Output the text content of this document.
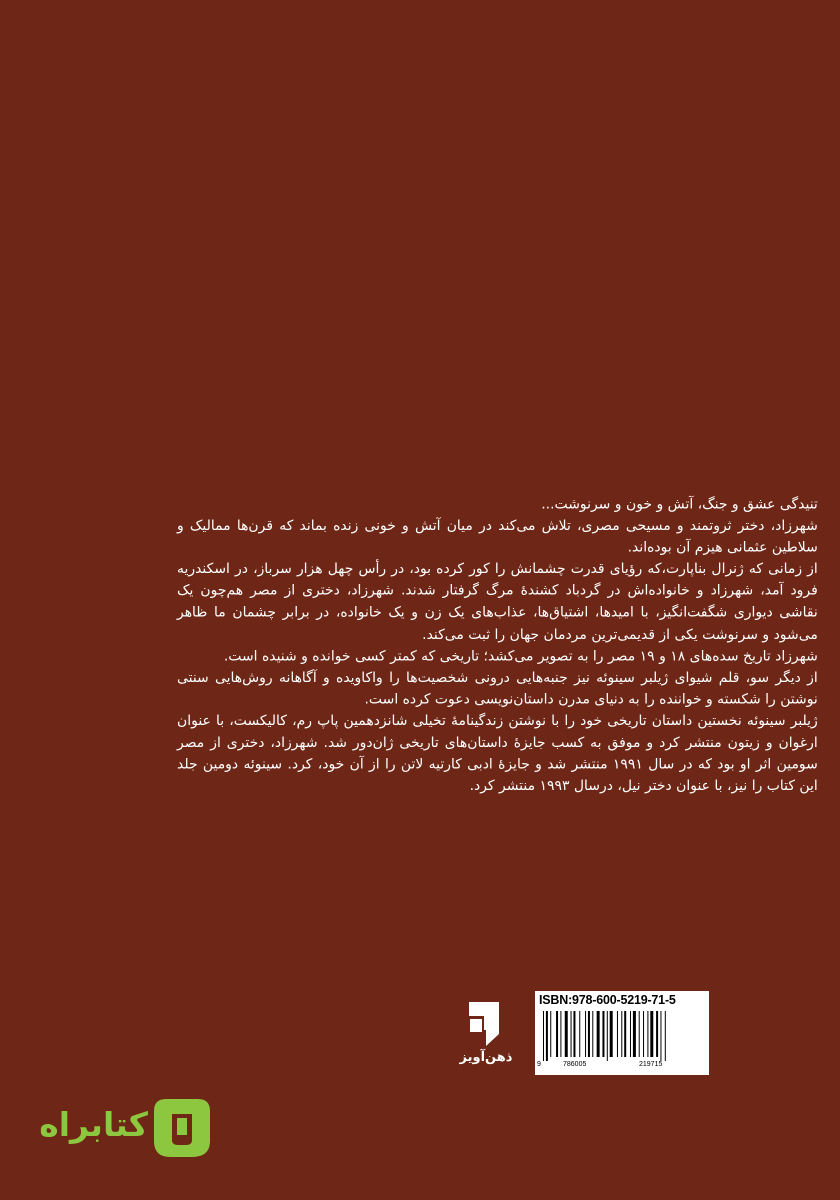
تنیدگی عشق و جنگ، آتش و خون و سرنوشت...

شهرزاد، دختر ثروتمند و مسیحی مصری، تلاش می‌کند در میان آتش و خونی زنده بماند که قرن‌ها ممالیک و سلاطین عثمانی هیزم آن بوده‌اند.

از زمانی که ژنرال بناپارت،که رؤیای قدرت چشمانش را کور کرده بود، در رأس چهل هزار سرباز، در اسکندریه فرود آمد، شهرزاد و خانواده‌اش در گردباد کشندهٔ مرگ گرفتار شدند. شهرزاد، دختری از مصر هم‌چون یک نقاشی دیواری شگفت‌انگیز، با امیدها، اشتیاق‌ها، عذاب‌های یک زن و یک خانواده، در برابر چشمان ما ظاهر می‌شود و سرنوشت یکی از قدیمی‌ترین مردمان جهان را ثبت می‌کند.

شهرزاد تاریخ سده‌های ۱۸ و ۱۹ مصر را به تصویر می‌کشد؛ تاریخی که کمتر کسی خوانده و شنیده است.

از دیگر سو، قلم شیوای ژیلبر سینوئه نیز جنبه‌هایی درونی شخصیت‌ها را واکاویده و آگاهانه روش‌هایی سنتی نوشتن را شکسته و خواننده را به دنیای مدرن داستان‌نویسی دعوت کرده است.

ژیلبر سینوئه نخستین داستان تاریخی خود را با نوشتن زندگینامهٔ تخیلی شانزدهمین پاپ رم، کالیکست، با عنوان ارغوان و زیتون منتشر کرد و موفق به کسب جایزهٔ داستان‌های تاریخی ژان‌دور شد. شهرزاد، دختری از مصر سومین اثر او بود که در سال ۱۹۹۱ منتشر شد و جایزهٔ ادبی کارتیه لاتن را از آن خود، کرد. سینوئه دومین جلد این کتاب را نیز، با عنوان دختر نیل، درسال ۱۹۹۳ منتشر کرد.

ISBN:978-600-5219-71-5
9	786005	219715
ذهن‌آویز
کتابراه
